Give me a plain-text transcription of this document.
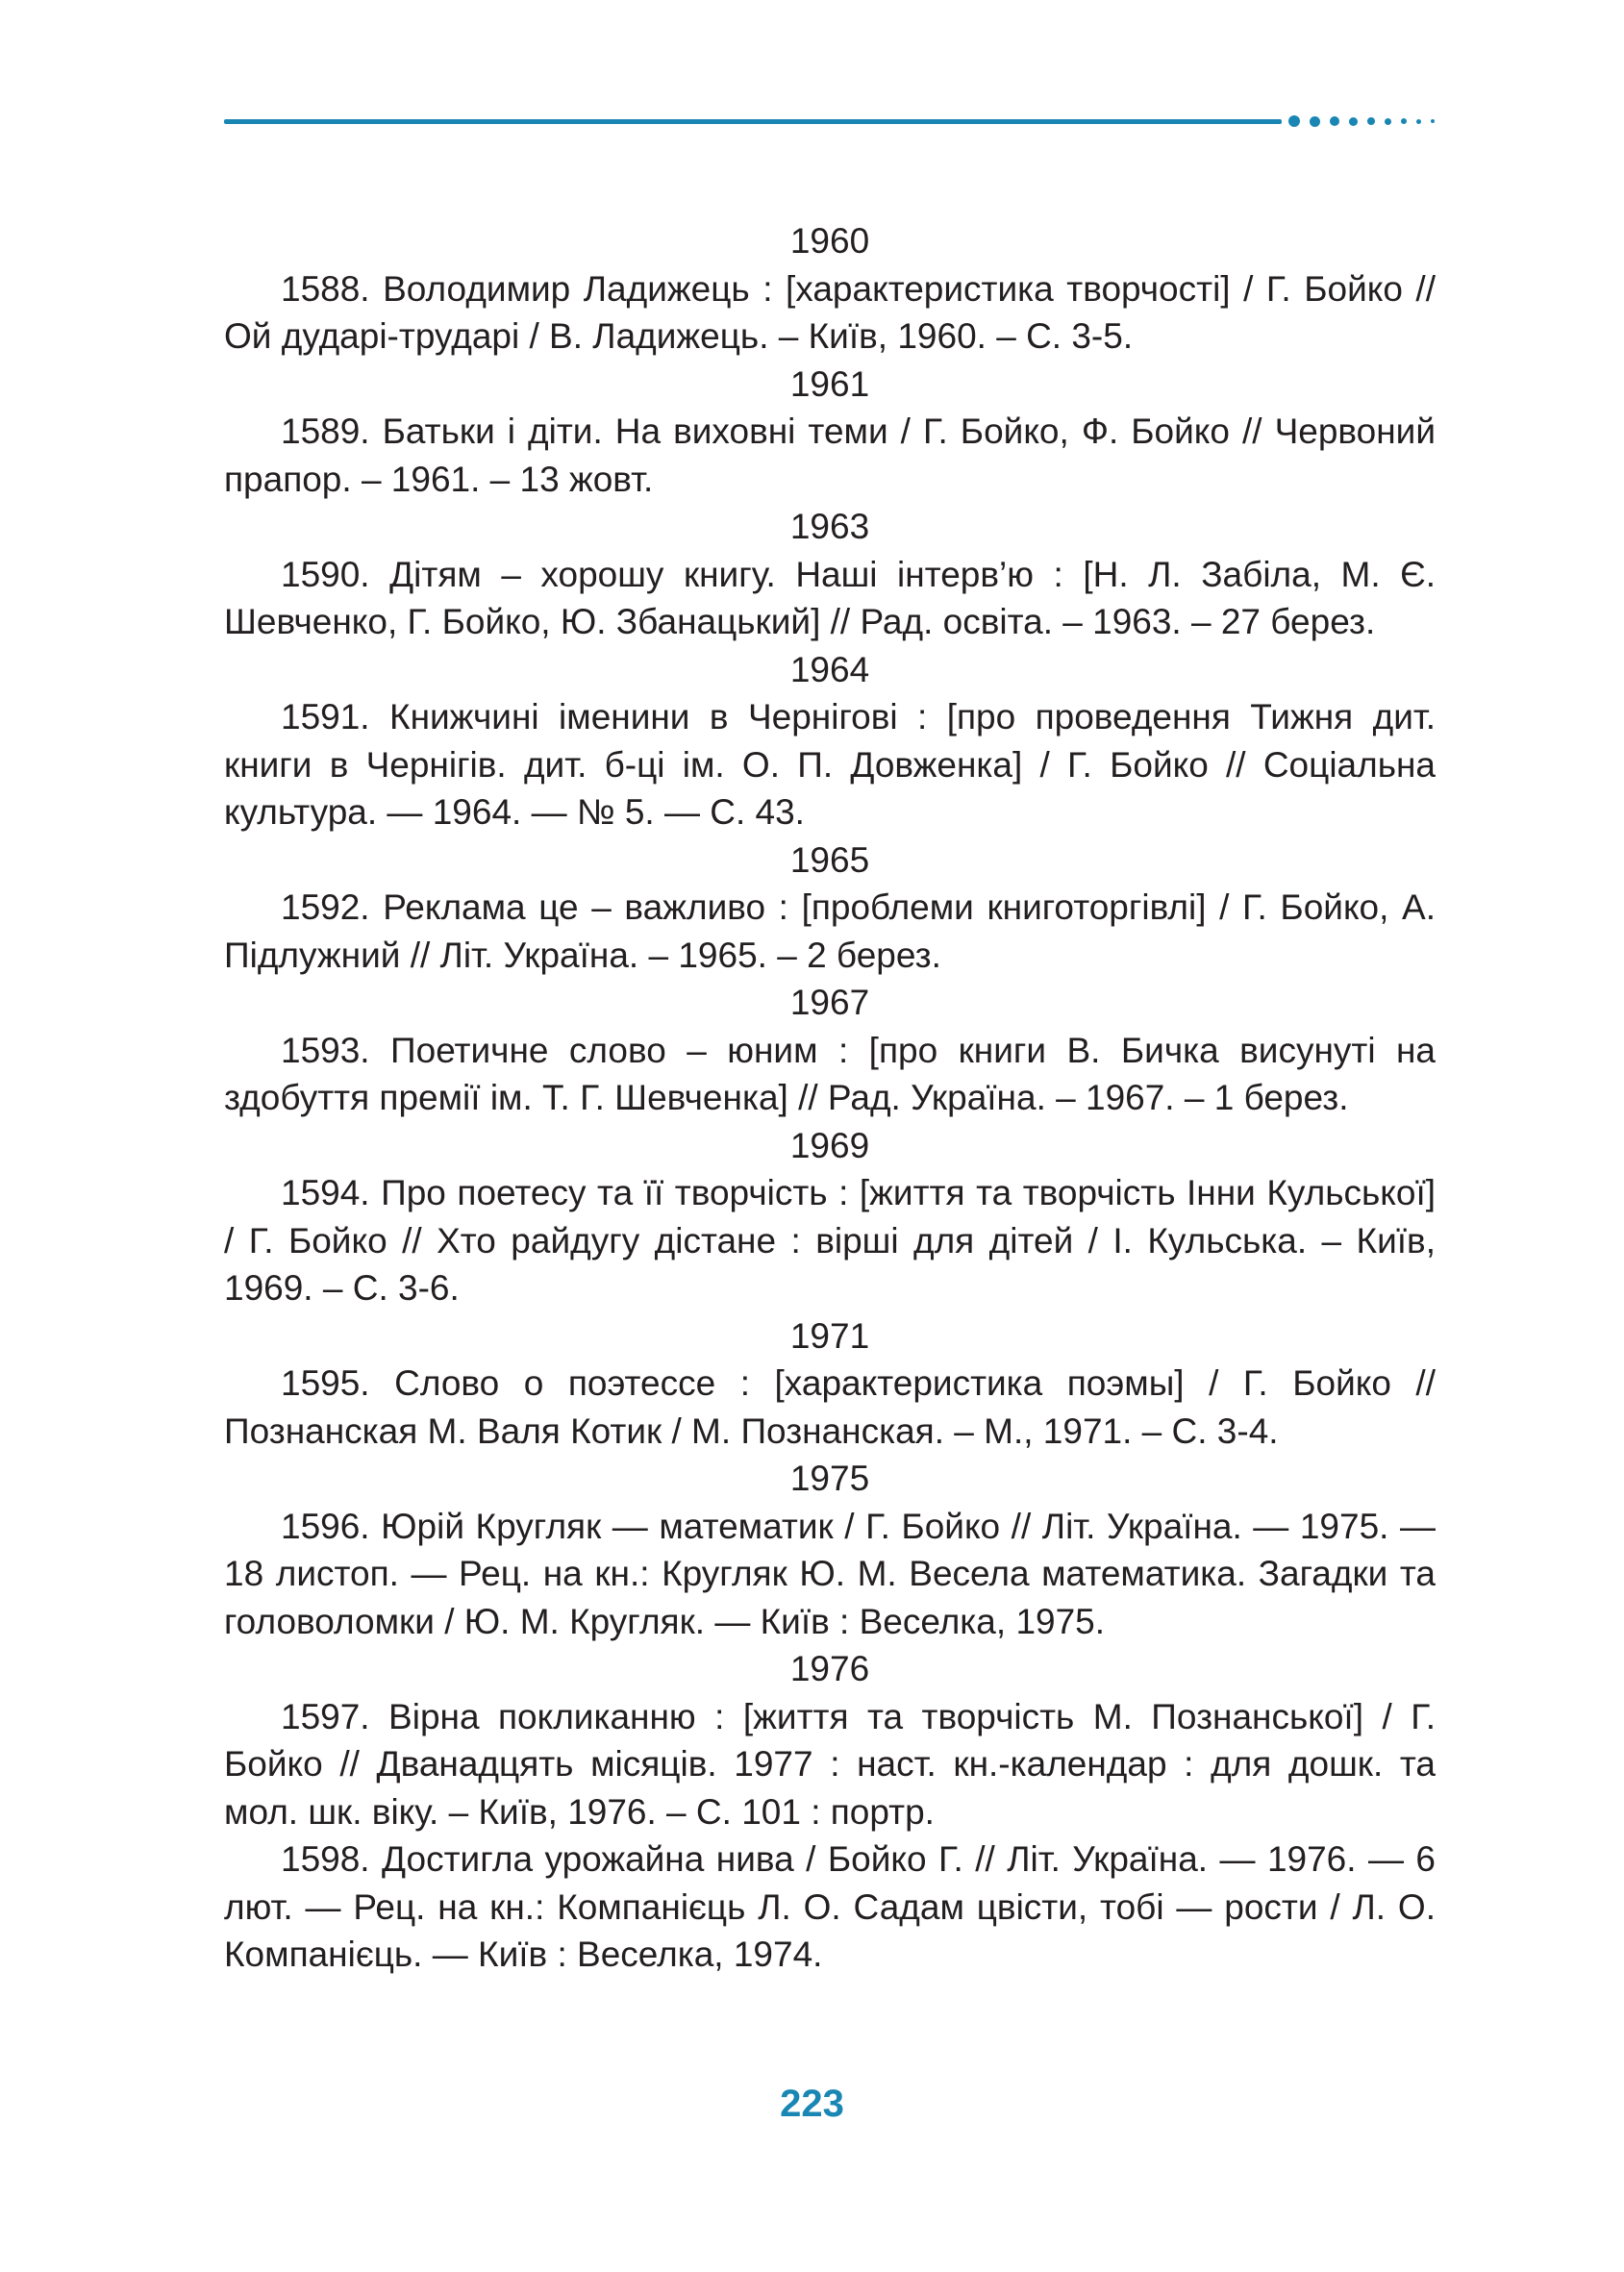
1960
1588. Володимир Ладижець : [характеристика творчості] / Г. Бойко // Ой дударі-трударі / В. Ладижець. – Київ, 1960. – С. 3-5.
1961
1589. Батьки і діти. На виховні теми / Г. Бойко, Ф. Бойко // Червоний прапор. – 1961. – 13 жовт.
1963
1590. Дітям – хорошу книгу. Наші інтерв’ю : [Н. Л. Забіла, М. Є. Шевченко, Г. Бойко, Ю. Збанацький] // Рад. освіта. – 1963. – 27 берез.
1964
1591. Книжчині іменини в Чернігові : [про проведення Тижня дит. книги в Чернігів. дит. б-ці ім. О. П. Довженка] / Г. Бойко // Соціальна культура. — 1964. — № 5. — С. 43.
1965
1592. Реклама це – важливо : [проблеми книготоргівлі] / Г. Бойко, А. Підлужний // Літ. Україна. – 1965. – 2 берез.
1967
1593. Поетичне слово – юним : [про книги В. Бичка висунуті на здобуття премії ім. Т. Г. Шевченка] // Рад. Україна. – 1967. – 1 берез.
1969
1594. Про поетесу та її творчість : [життя та творчість Інни Кульської] / Г. Бойко // Хто райдугу дістане : вірші для дітей / І. Кульська. – Київ, 1969. – С. 3-6.
1971
1595. Слово о поэтессе : [характеристика поэмы] / Г. Бойко // Познанская М. Валя Котик / М. Познанская. – М., 1971. – С. 3-4.
1975
1596. Юрій Кругляк — математик / Г. Бойко // Літ. Україна. — 1975. — 18 листоп. — Рец. на кн.: Кругляк Ю. М. Весела математика. Загадки та головоломки / Ю. М. Кругляк. — Київ : Веселка, 1975.
1976
1597. Вірна покликанню : [життя та творчість М. Познанської] / Г. Бойко // Дванадцять місяців. 1977 : наст. кн.-календар : для дошк. та мол. шк. віку. – Київ, 1976. – С. 101 : портр.
1598. Достигла урожайна нива / Бойко Г. // Літ. Україна. — 1976. — 6 лют. — Рец. на кн.: Компанієць Л. О. Садам цвісти, тобі — рости / Л. О. Компанієць. — Київ : Веселка, 1974.
223
